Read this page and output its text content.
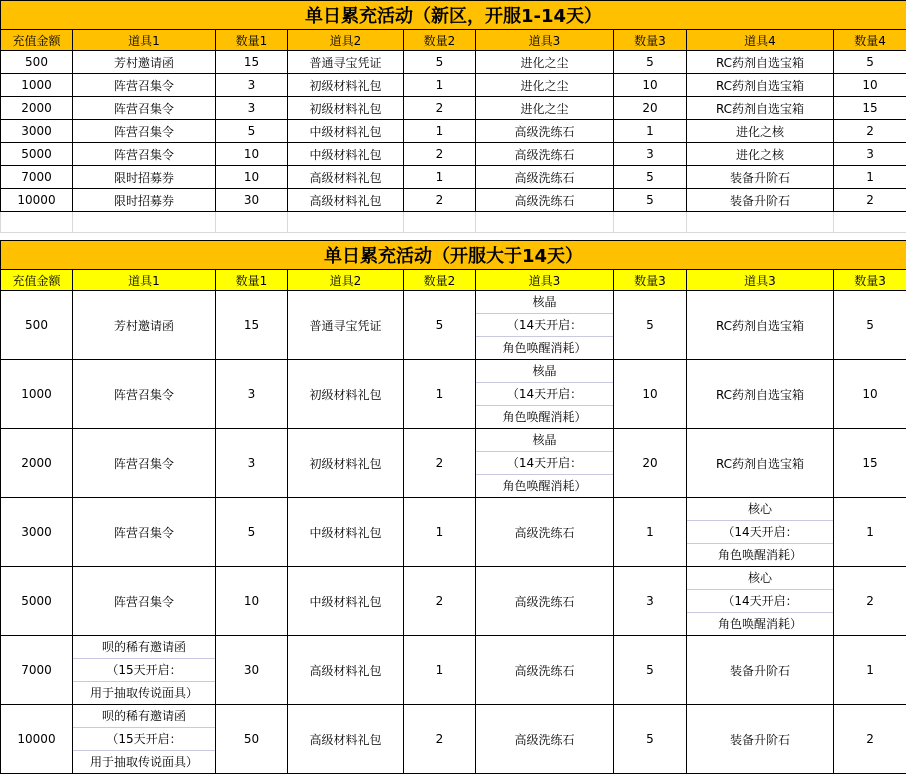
单日累充活动（新区，开服1-14天）								
充值金额	道具1	数量1	道具2	数量2	道具3	数量3	道具4	数量4
500	芳村邀请函	15	普通寻宝凭证	5	进化之尘	5	RC药剂自选宝箱	5
1000	阵营召集令	3	初级材料礼包	1	进化之尘	10	RC药剂自选宝箱	10
2000	阵营召集令	3	初级材料礼包	2	进化之尘	20	RC药剂自选宝箱	15
3000	阵营召集令	5	中级材料礼包	1	高级洗练石	1	进化之核	2
5000	阵营召集令	10	中级材料礼包	2	高级洗练石	3	进化之核	3
7000	限时招募券	10	高级材料礼包	1	高级洗练石	5	装备升阶石	1
10000	限时招募券	30	高级材料礼包	2	高级洗练石	5	装备升阶石	2

单日累充活动（开服大于14天）								
充值金额	道具1	数量1	道具2	数量2	道具3	数量3	道具3	数量3
500	芳村邀请函	15	普通寻宝凭证	5	核晶
（14天开启：
角色唤醒消耗）	5	RC药剂自选宝箱	5
1000	阵营召集令	3	初级材料礼包	1	核晶
（14天开启：
角色唤醒消耗）	10	RC药剂自选宝箱	10
2000	阵营召集令	3	初级材料礼包	2	核晶
（14天开启：
角色唤醒消耗）	20	RC药剂自选宝箱	15
3000	阵营召集令	5	中级材料礼包	1	高级洗练石	1	核心
（14天开启：
角色唤醒消耗）	1
5000	阵营召集令	10	中级材料礼包	2	高级洗练石	3	核心
（14天开启：
角色唤醒消耗）	2
7000	呗的稀有邀请函
（15天开启：
用于抽取传说面具）	30	高级材料礼包	1	高级洗练石	5	装备升阶石	1
10000	呗的稀有邀请函
（15天开启：
用于抽取传说面具）	50	高级材料礼包	2	高级洗练石	5	装备升阶石	2
